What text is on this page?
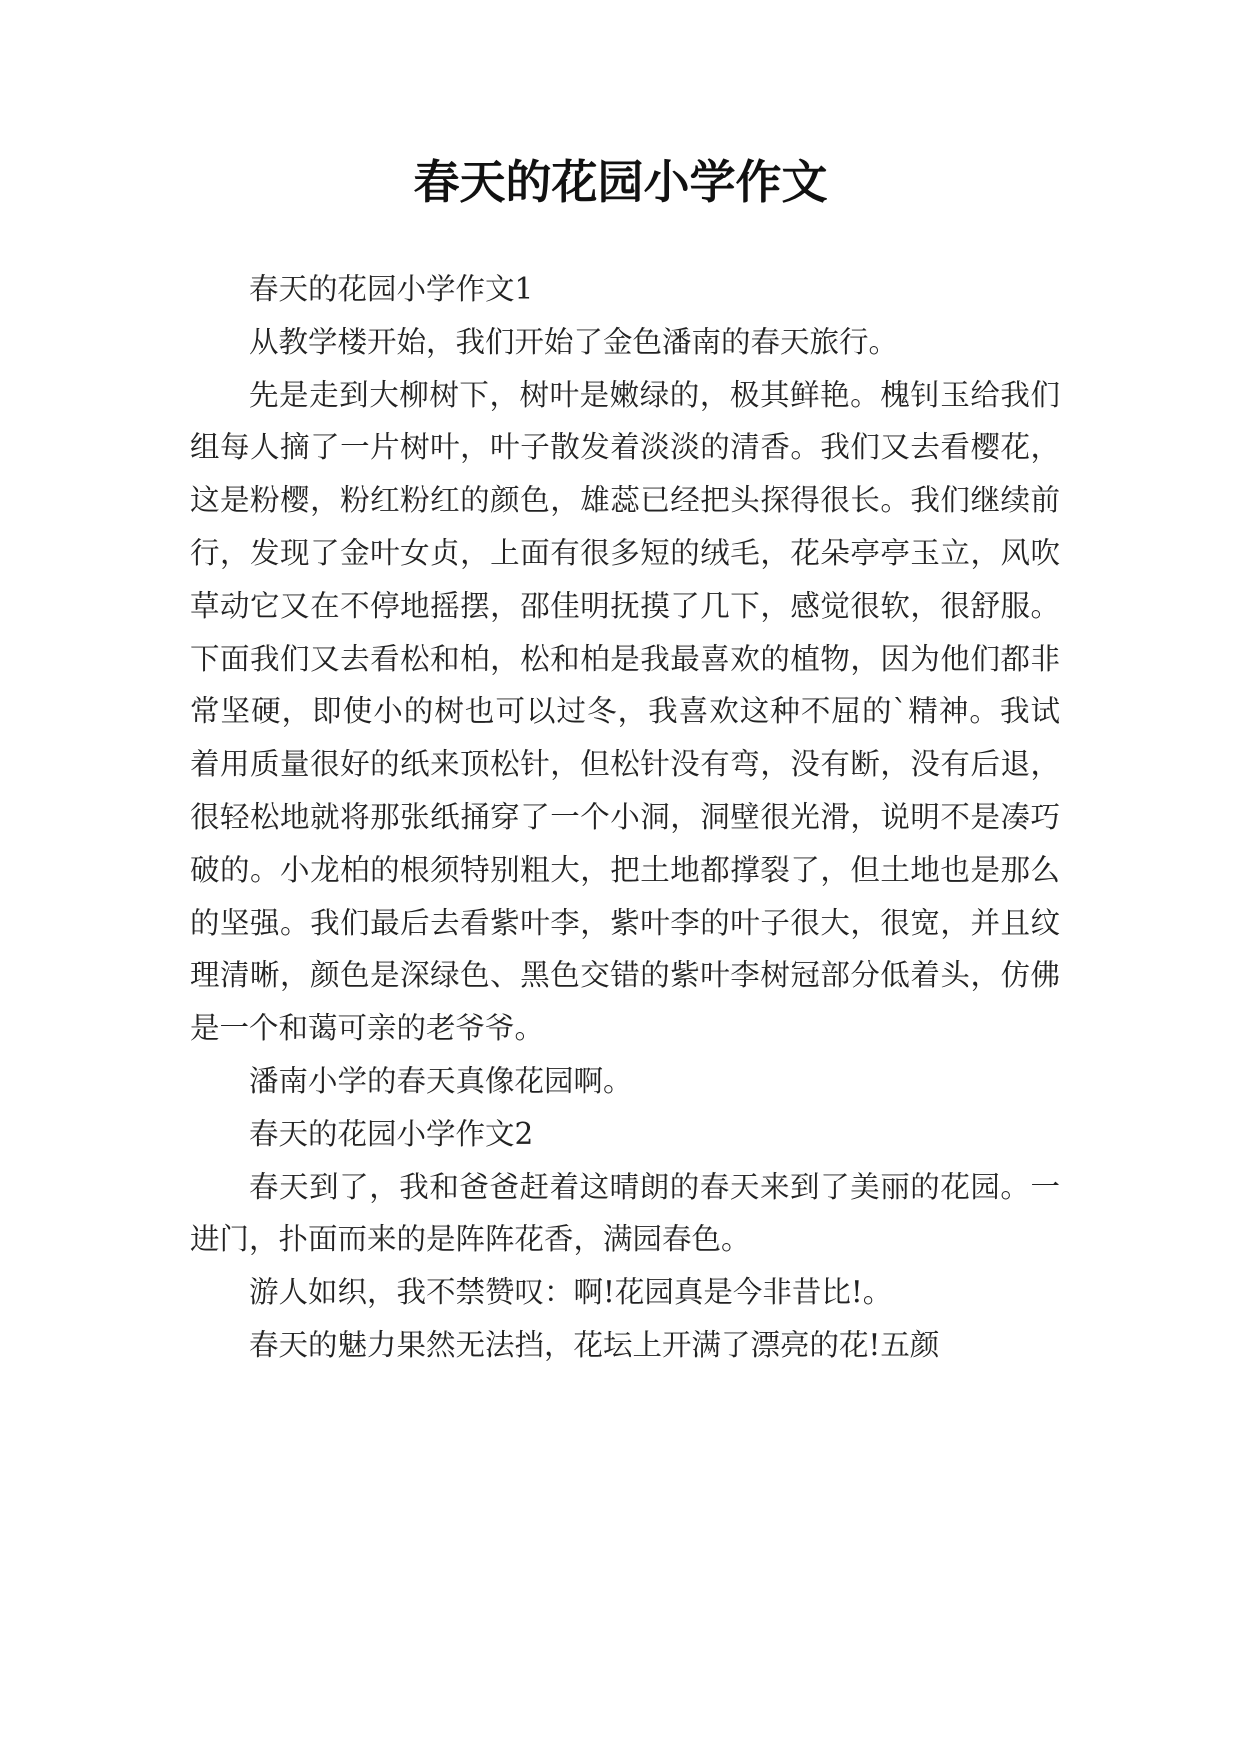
春天的花园小学作文

春天的花园小学作文1

从教学楼开始，我们开始了金色潘南的春天旅行。

先是走到大柳树下，树叶是嫩绿的，极其鲜艳。槐钊玉给我们组每人摘了一片树叶，叶子散发着淡淡的清香。我们又去看樱花，这是粉樱，粉红粉红的颜色，雄蕊已经把头探得很长。我们继续前行，发现了金叶女贞，上面有很多短的绒毛，花朵亭亭玉立，风吹草动它又在不停地摇摆，邵佳明抚摸了几下，感觉很软，很舒服。下面我们又去看松和柏，松和柏是我最喜欢的植物，因为他们都非常坚硬，即使小的树也可以过冬，我喜欢这种不屈的`精神。我试着用质量很好的纸来顶松针，但松针没有弯，没有断，没有后退，很轻松地就将那张纸捅穿了一个小洞，洞壁很光滑，说明不是凑巧破的。小龙柏的根须特别粗大，把土地都撑裂了，但土地也是那么的坚强。我们最后去看紫叶李，紫叶李的叶子很大，很宽，并且纹理清晰，颜色是深绿色、黑色交错的紫叶李树冠部分低着头，仿佛是一个和蔼可亲的老爷爷。

潘南小学的春天真像花园啊。

春天的花园小学作文2

春天到了，我和爸爸赶着这晴朗的春天来到了美丽的花园。一进门，扑面而来的是阵阵花香，满园春色。

游人如织，我不禁赞叹：啊!花园真是今非昔比!。

春天的魅力果然无法挡，花坛上开满了漂亮的花!五颜
